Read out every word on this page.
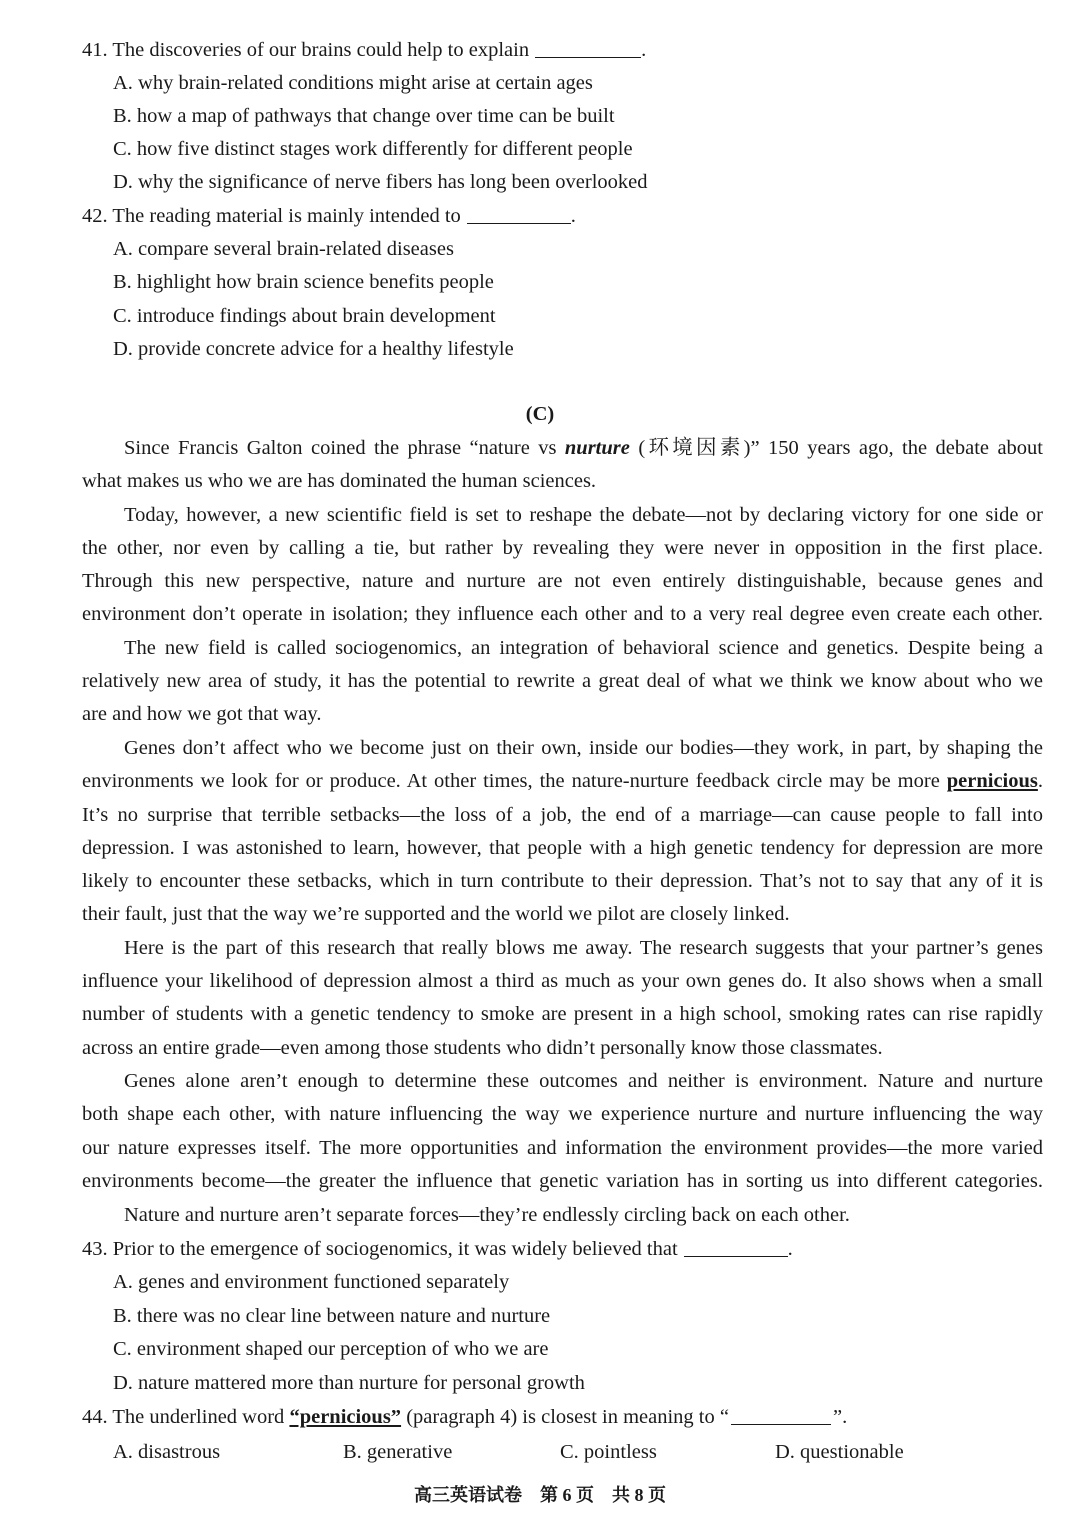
41. The discoveries of our brains could help to explain	.
A. why brain-related conditions might arise at certain ages
B. how a map of pathways that change over time can be built
C. how five distinct stages work differently for different people
D. why the significance of nerve fibers has long been overlooked
42. The reading material is mainly intended to	.
A. compare several brain-related diseases
B. highlight how brain science benefits people
C. introduce findings about brain development
D. provide concrete advice for a healthy lifestyle
(C)
Since Francis Galton coined the phrase “nature vs nurture (环境因素)” 150 years ago, the debate about
what makes us who we are has dominated the human sciences.
Today, however, a new scientific field is set to reshape the debate—not by declaring victory for one side or
the other, nor even by calling a tie, but rather by revealing they were never in opposition in the first place.
Through this new perspective, nature and nurture are not even entirely distinguishable, because genes and
environment don’t operate in isolation; they influence each other and to a very real degree even create each other.
The new field is called sociogenomics, an integration of behavioral science and genetics. Despite being a
relatively new area of study, it has the potential to rewrite a great deal of what we think we know about who we
are and how we got that way.
Genes don’t affect who we become just on their own, inside our bodies—they work, in part, by shaping the
environments we look for or produce. At other times, the nature-nurture feedback circle may be more pernicious.
It’s no surprise that terrible setbacks—the loss of a job, the end of a marriage—can cause people to fall into
depression. I was astonished to learn, however, that people with a high genetic tendency for depression are more
likely to encounter these setbacks, which in turn contribute to their depression. That’s not to say that any of it is
their fault, just that the way we’re supported and the world we pilot are closely linked.
Here is the part of this research that really blows me away. The research suggests that your partner’s genes
influence your likelihood of depression almost a third as much as your own genes do. It also shows when a small
number of students with a genetic tendency to smoke are present in a high school, smoking rates can rise rapidly
across an entire grade—even among those students who didn’t personally know those classmates.
Genes alone aren’t enough to determine these outcomes and neither is environment. Nature and nurture
both shape each other, with nature influencing the way we experience nurture and nurture influencing the way
our nature expresses itself. The more opportunities and information the environment provides—the more varied
environments become—the greater the influence that genetic variation has in sorting us into different categories.
Nature and nurture aren’t separate forces—they’re endlessly circling back on each other.
43. Prior to the emergence of sociogenomics, it was widely believed that	.
A. genes and environment functioned separately
B. there was no clear line between nature and nurture
C. environment shaped our perception of who we are
D. nature mattered more than nurture for personal growth
44. The underlined word “pernicious” (paragraph 4) is closest in meaning to “	”.
A. disastrous	B. generative	C. pointless	D. questionable
高三英语试卷　第 6 页　共 8 页
